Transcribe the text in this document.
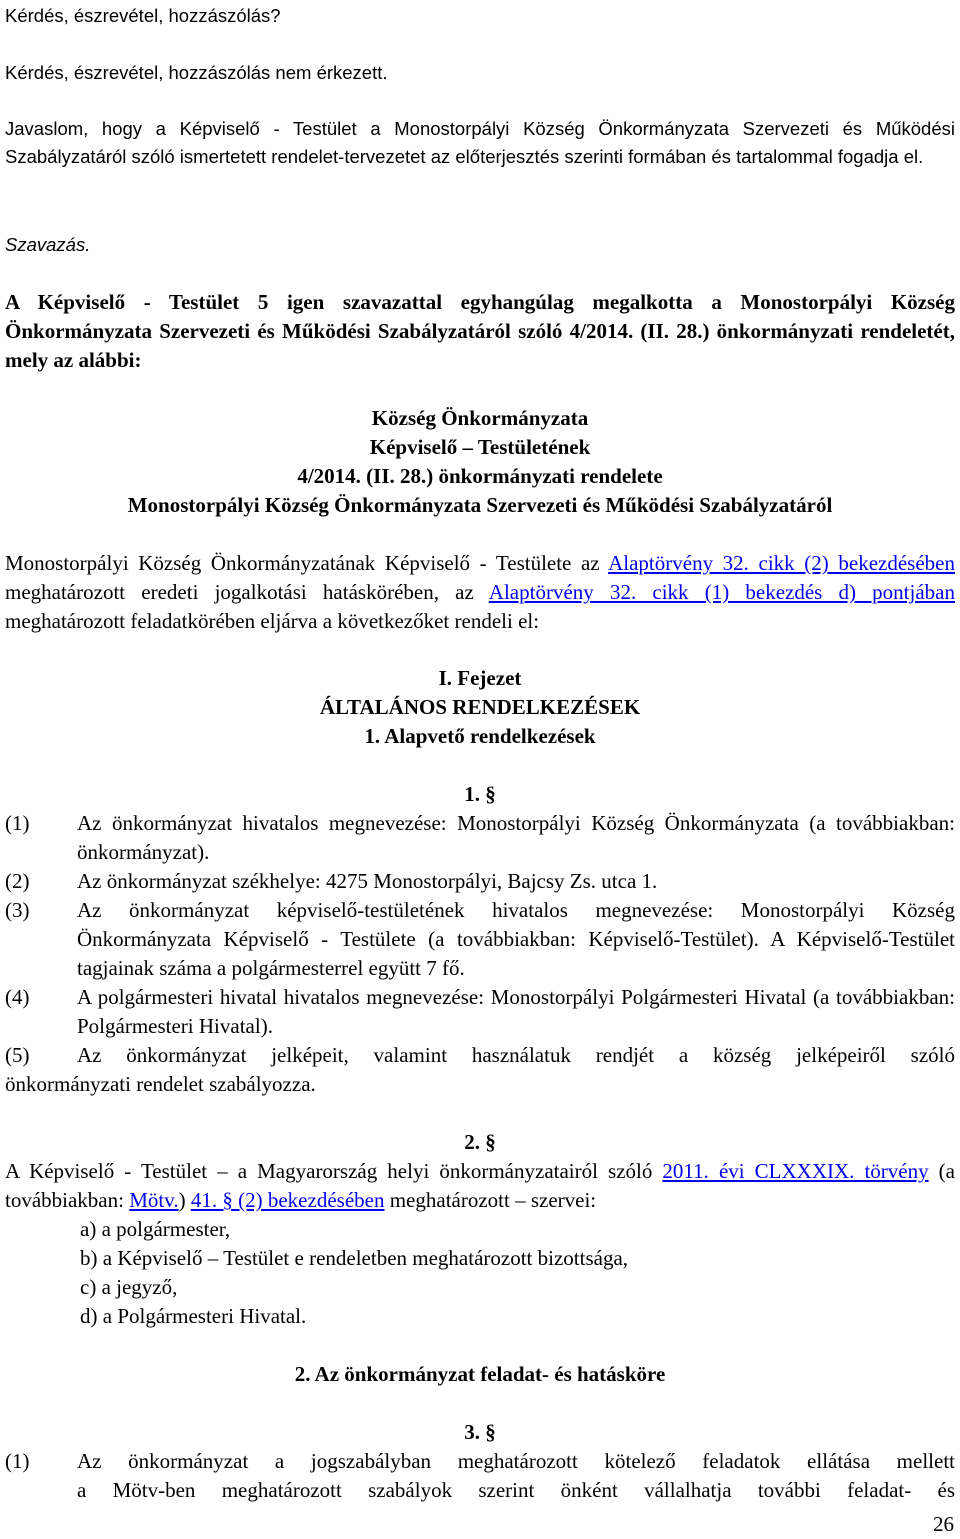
Kérdés, észrevétel, hozzászólás?

Kérdés, észrevétel, hozzászólás nem érkezett.

Javaslom, hogy a Képviselő - Testület a Monostorpályi Község Önkormányzata Szervezeti és Működési Szabályzatáról szóló ismertetett rendelet-tervezetet az előterjesztés szerinti formában és tartalommal fogadja el.

Szavazás.

A Képviselő - Testület 5 igen szavazattal egyhangúlag megalkotta a Monostorpályi Község Önkormányzata Szervezeti és Működési Szabályzatáról szóló 4/2014. (II. 28.) önkormányzati rendeletét, mely az alábbi:

Község Önkormányzata

Képviselő – Testületének

4/2014. (II. 28.) önkormányzati rendelete

Monostorpályi Község Önkormányzata Szervezeti és Működési Szabályzatáról

Monostorpályi Község Önkormányzatának Képviselő - Testülete az Alaptörvény 32. cikk (2) bekezdésében meghatározott eredeti jogalkotási hatáskörében, az Alaptörvény 32. cikk (1) bekezdés d) pontjában meghatározott feladatkörében eljárva a következőket rendeli el:

I. Fejezet

ÁLTALÁNOS RENDELKEZÉSEK

1. Alapvető rendelkezések

1. §

(1)	Az önkormányzat hivatalos megnevezése: Monostorpályi Község Önkormányzata (a továbbiakban: önkormányzat).
(2)	Az önkormányzat székhelye: 4275 Monostorpályi, Bajcsy Zs. utca 1.
(3)	Az önkormányzat képviselő-testületének hivatalos megnevezése: Monostorpályi Község Önkormányzata Képviselő - Testülete (a továbbiakban: Képviselő-Testület). A Képviselő-Testület tagjainak száma a polgármesterrel együtt 7 fő.
(4)	A polgármesteri hivatal hivatalos megnevezése: Monostorpályi Polgármesteri Hivatal (a továbbiakban: Polgármesteri Hivatal).
(5)	Az önkormányzat jelképeit, valamint használatuk rendjét a község jelképeiről szóló

önkormányzati rendelet szabályozza.

2. §

A Képviselő - Testület – a Magyarország helyi önkormányzatairól szóló 2011. évi CLXXXIX. törvény (a továbbiakban: Mötv.) 41. § (2) bekezdésében meghatározott – szervei:

a) a polgármester,

b) a Képviselő – Testület e rendeletben meghatározott bizottsága,

c) a jegyző,

d) a Polgármesteri Hivatal.

2. Az önkormányzat feladat- és hatásköre

3. §

(1)	Az önkormányzat a jogszabályban meghatározott kötelező feladatok ellátása mellett
a Mötv-ben meghatározott szabályok szerint önként vállalhatja további feladat- és

26
